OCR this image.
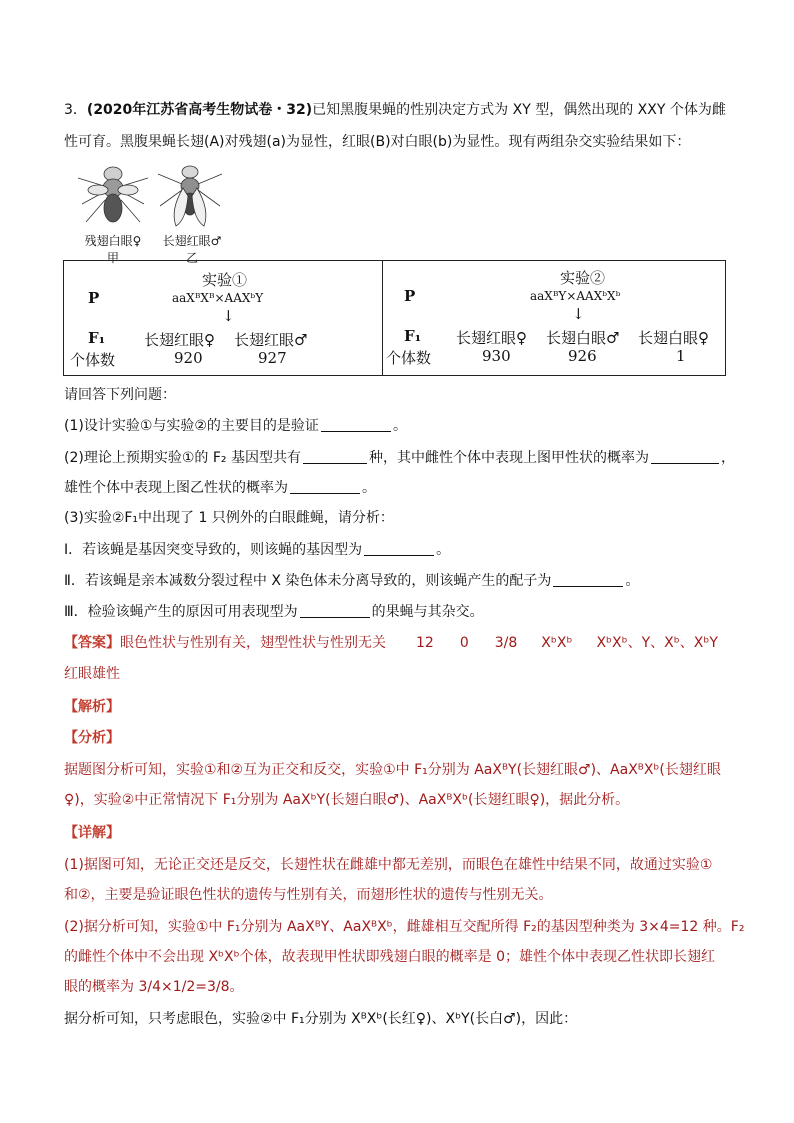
3．(2020年江苏省高考生物试卷・32)已知黑腹果蝇的性别决定方式为 XY 型，偶然出现的 XXY 个体为雌
性可育。黑腹果蝇长翅(A)对残翅(a)为显性，红眼(B)对白眼(b)为显性。现有两组杂交实验结果如下：
残翅白眼♀
甲
长翅红眼♂
乙
实验①
P	aaXᴮXᴮ×AAXᵇY
↓
F₁	长翅红眼♀ 长翅红眼♂
个体数	920	927
实验②
P	aaXᴮY×AAXᵇXᵇ
↓
F₁ 长翅红眼♀ 长翅白眼♂ 长翅白眼♀
个体数	930	926	1
请回答下列问题：
(1)设计实验①与实验②的主要目的是验证	。
(2)理论上预期实验①的 F₂ 基因型共有	种，其中雌性个体中表现上图甲性状的概率为	，
雄性个体中表现上图乙性状的概率为	。
(3)实验②F₁中出现了 1 只例外的白眼雌蝇，请分析：
Ⅰ．若该蝇是基因突变导致的，则该蝇的基因型为	。
Ⅱ．若该蝇是亲本减数分裂过程中 X 染色体未分离导致的，则该蝇产生的配子为	。
Ⅲ．检验该蝇产生的原因可用表现型为	的果蝇与其杂交。
【答案】眼色性状与性别有关，翅型性状与性别无关 12 0 3/8 XᵇXᵇ XᵇXᵇ、Y、Xᵇ、XᵇY
红眼雄性
【解析】
【分析】
据题图分析可知，实验①和②互为正交和反交，实验①中 F₁分别为 AaXᴮY(长翅红眼♂)、AaXᴮXᵇ(长翅红眼
♀)，实验②中正常情况下 F₁分别为 AaXᵇY(长翅白眼♂)、AaXᴮXᵇ(长翅红眼♀)，据此分析。
【详解】
(1)据图可知，无论正交还是反交，长翅性状在雌雄中都无差别，而眼色在雄性中结果不同，故通过实验①
和②，主要是验证眼色性状的遗传与性别有关，而翅形性状的遗传与性别无关。
(2)据分析可知，实验①中 F₁分别为 AaXᴮY、AaXᴮXᵇ，雌雄相互交配所得 F₂的基因型种类为 3×4=12 种。F₂
的雌性个体中不会出现 XᵇXᵇ个体，故表现甲性状即残翅白眼的概率是 0；雄性个体中表现乙性状即长翅红
眼的概率为 3/4×1/2=3/8。
据分析可知，只考虑眼色，实验②中 F₁分别为 XᴮXᵇ(长红♀)、XᵇY(长白♂)，因此：
